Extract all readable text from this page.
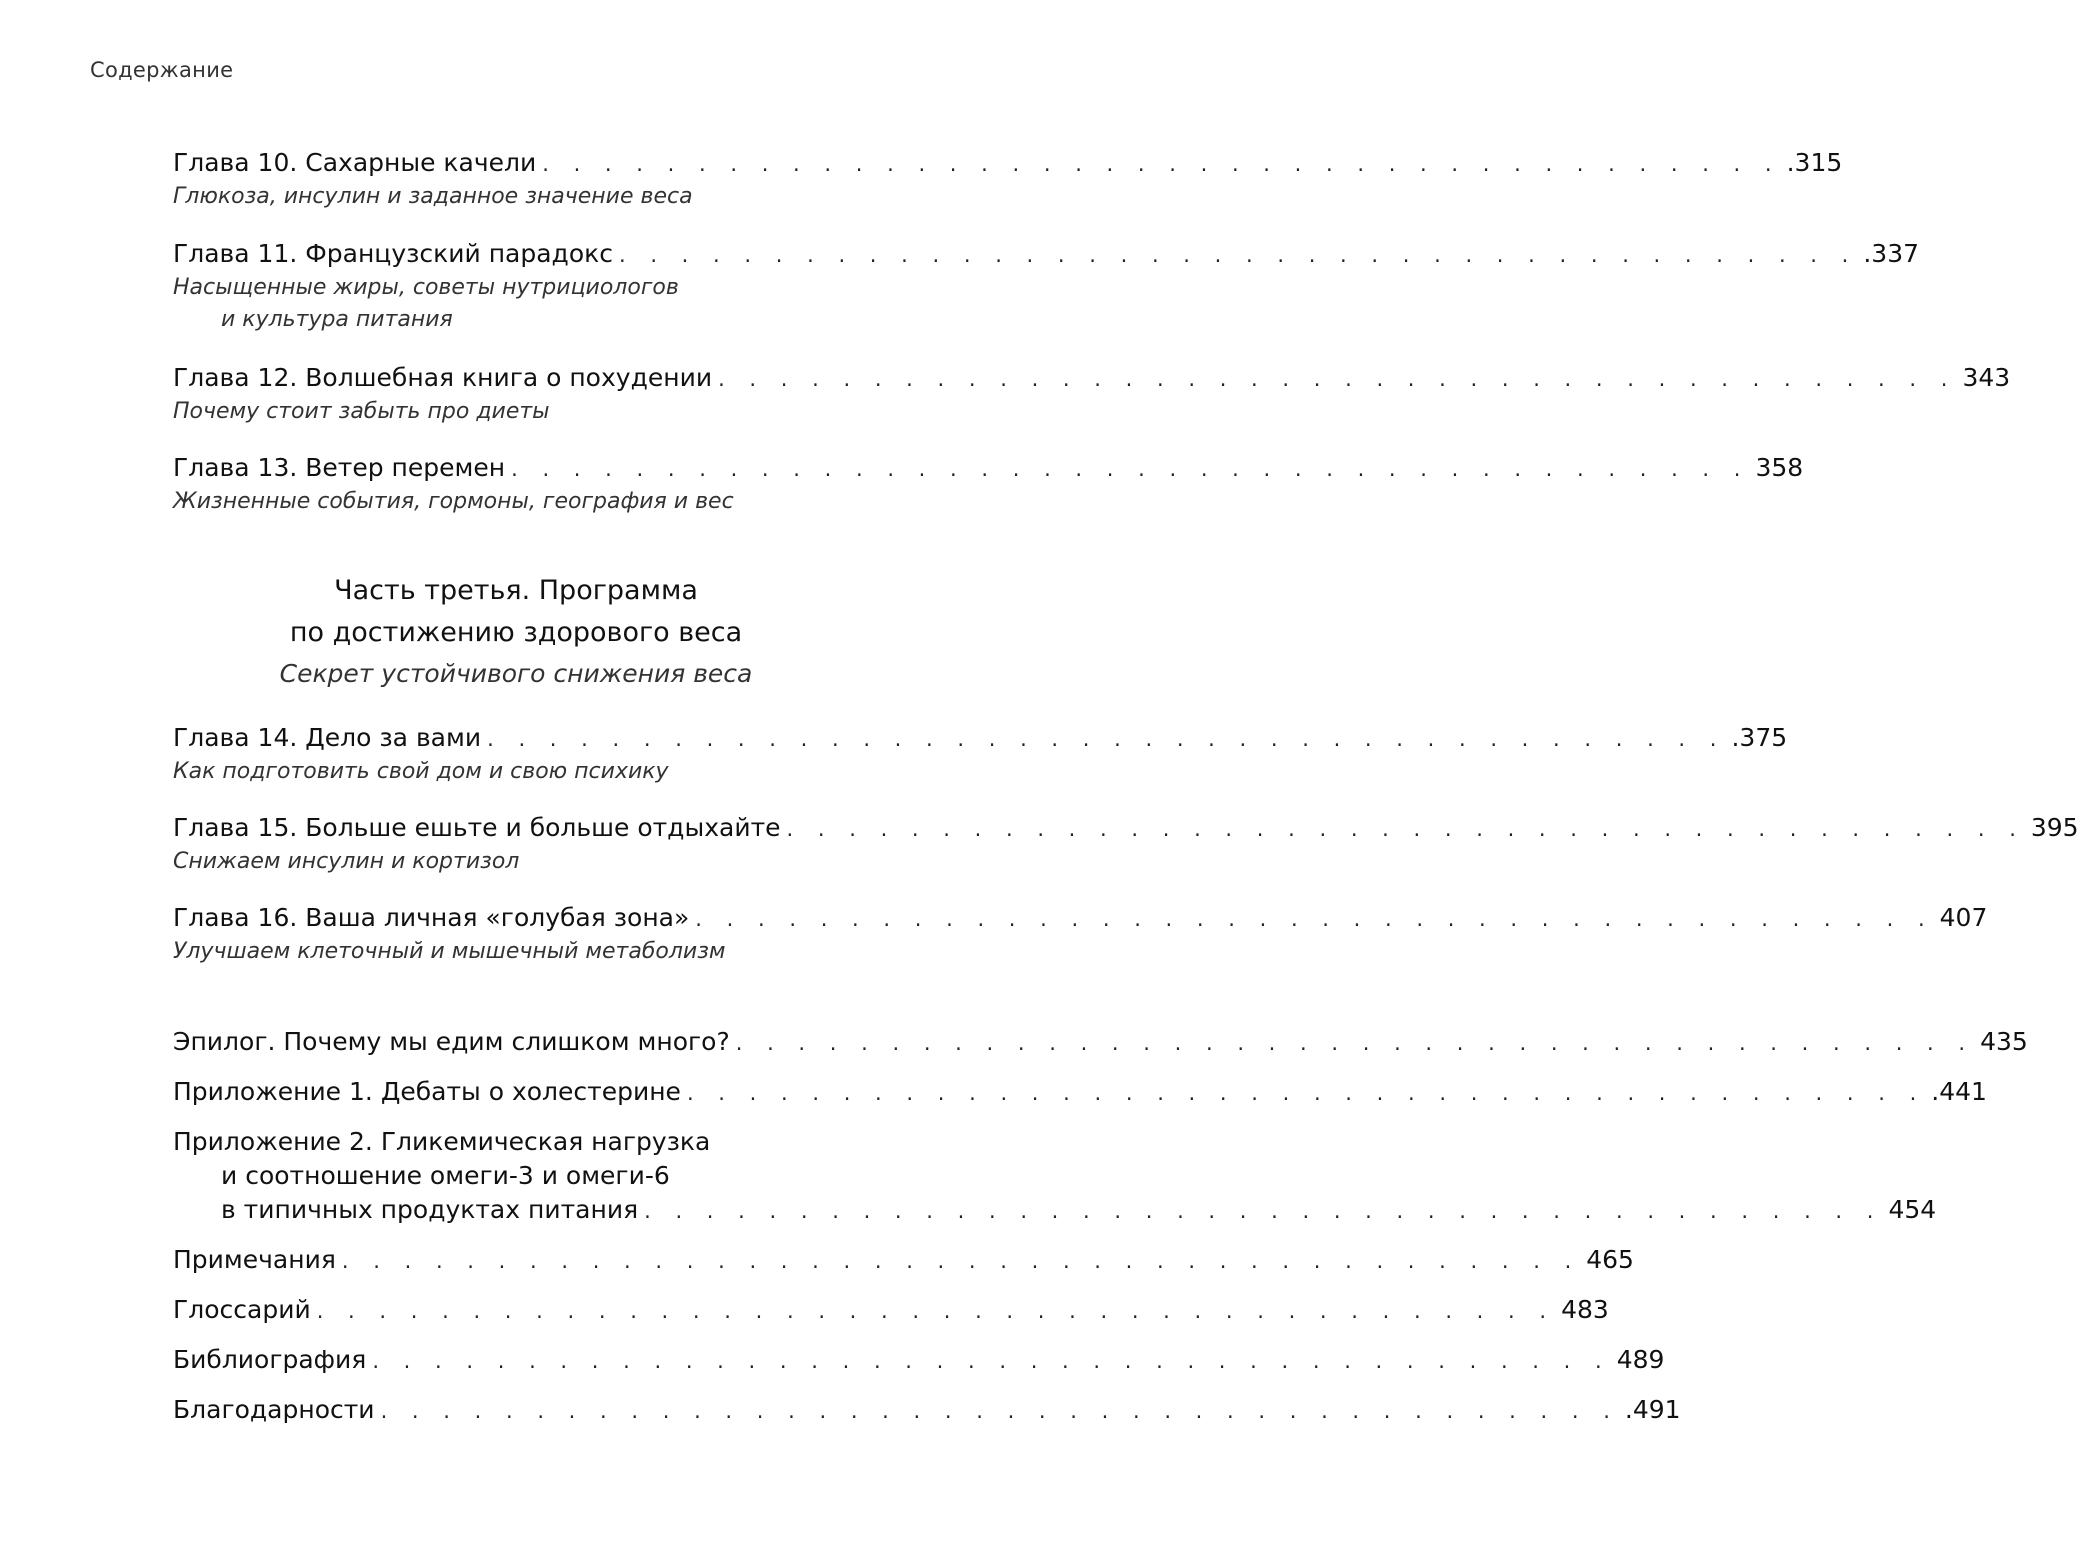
Содержание
Глава 10. Сахарные качели . . . . . . . . . . . . . . . . . . . . . . . . . . . . . . . . . . . . . . . . .315
Глюкоза, инсулин и заданное значение веса
Глава 11. Французский парадокс . . . . . . . . . . . . . . . . . . . . . . . . . . . . . . . . . . . . . . . . .337
Насыщенные жиры, советы нутрициологов
и культура питания
Глава 12. Волшебная книга о похудении . . . . . . . . . . . . . . . . . . . . . . . . . . . . . . . . . . . . . . . . 343
Почему стоит забыть про диеты
Глава 13. Ветер перемен . . . . . . . . . . . . . . . . . . . . . . . . . . . . . . . . . . . . . . . . 358
Жизненные события, гормоны, география и вес
Часть третья. Программа
по достижению здорового веса
Секрет устойчивого снижения веса
Глава 14. Дело за вами . . . . . . . . . . . . . . . . . . . . . . . . . . . . . . . . . . . . . . . . .375
Как подготовить свой дом и свою психику
Глава 15. Больше ешьте и больше отдыхайте . . . . . . . . . . . . . . . . . . . . . . . . . . . . . . . . . . . . . . . . 395
Снижаем инсулин и кортизол
Глава 16. Ваша личная «голубая зона» . . . . . . . . . . . . . . . . . . . . . . . . . . . . . . . . . . . . . . . . 407
Улучшаем клеточный и мышечный метаболизм
Эпилог. Почему мы едим слишком много? . . . . . . . . . . . . . . . . . . . . . . . . . . . . . . . . . . . . . . . . 435
Приложение 1. Дебаты о холестерине . . . . . . . . . . . . . . . . . . . . . . . . . . . . . . . . . . . . . . . . .441
Приложение 2. Гликемическая нагрузка
и соотношение омеги-3 и омеги-6
в типичных продуктах питания . . . . . . . . . . . . . . . . . . . . . . . . . . . . . . . . . . . . . . . . 454
Примечания . . . . . . . . . . . . . . . . . . . . . . . . . . . . . . . . . . . . . . . . 465
Глоссарий . . . . . . . . . . . . . . . . . . . . . . . . . . . . . . . . . . . . . . . . 483
Библиография . . . . . . . . . . . . . . . . . . . . . . . . . . . . . . . . . . . . . . . . 489
Благодарности . . . . . . . . . . . . . . . . . . . . . . . . . . . . . . . . . . . . . . . . .491
